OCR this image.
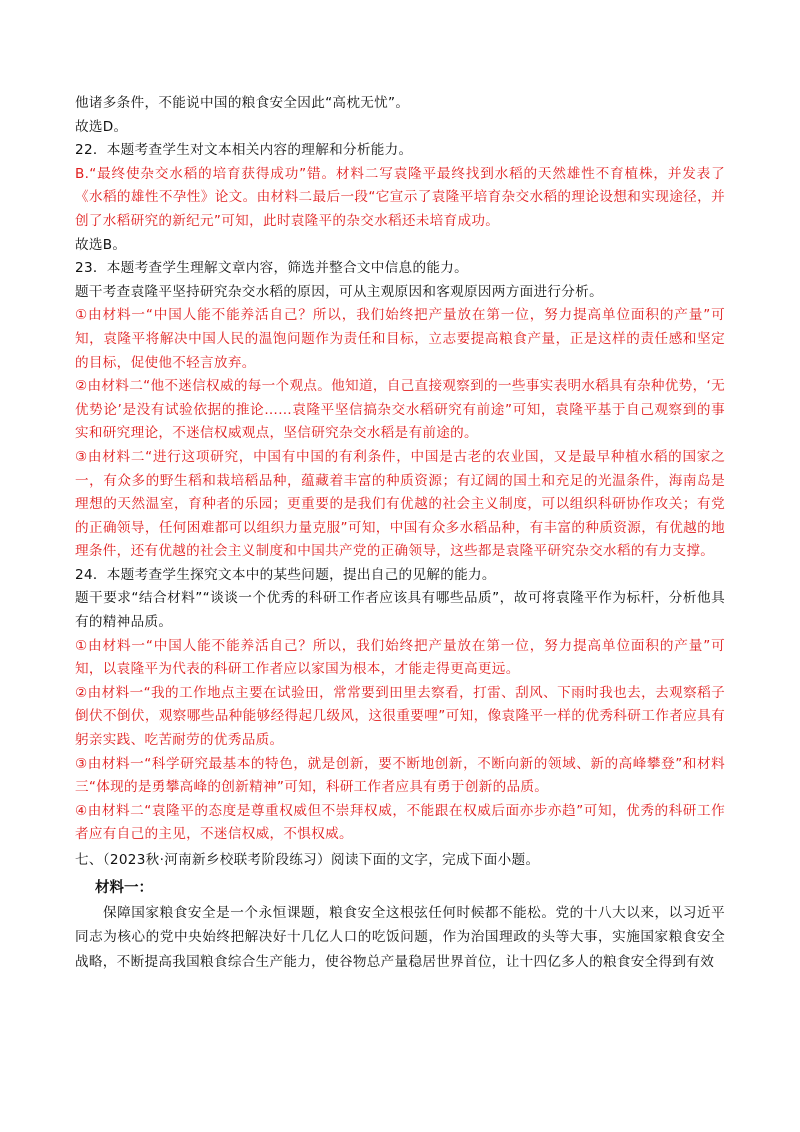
他诸多条件，不能说中国的粮食安全因此“高枕无忧”。

故选D。

22．本题考查学生对文本相关内容的理解和分析能力。

B.“最终使杂交水稻的培育获得成功”错。材料二写袁隆平最终找到水稻的天然雄性不育植株，并发表了《水稻的雄性不孕性》论文。由材料二最后一段“它宣示了袁隆平培育杂交水稻的理论设想和实现途径，并创了水稻研究的新纪元”可知，此时袁隆平的杂交水稻还未培育成功。

故选B。

23．本题考查学生理解文章内容，筛选并整合文中信息的能力。

题干考查袁隆平坚持研究杂交水稻的原因，可从主观原因和客观原因两方面进行分析。

①由材料一“中国人能不能养活自己？所以，我们始终把产量放在第一位，努力提高单位面积的产量”可知，袁隆平将解决中国人民的温饱问题作为责任和目标，立志要提高粮食产量，正是这样的责任感和坚定的目标，促使他不轻言放弃。

②由材料二“他不迷信权威的每一个观点。他知道，自己直接观察到的一些事实表明水稻具有杂种优势，‘无优势论’是没有试验依据的推论……袁隆平坚信搞杂交水稻研究有前途”可知，袁隆平基于自己观察到的事实和研究理论，不迷信权威观点，坚信研究杂交水稻是有前途的。

③由材料二“进行这项研究，中国有中国的有利条件，中国是古老的农业国，又是最早种植水稻的国家之一，有众多的野生稻和栽培稻品种，蕴藏着丰富的种质资源；有辽阔的国土和充足的光温条件，海南岛是理想的天然温室，育种者的乐园；更重要的是我们有优越的社会主义制度，可以组织科研协作攻关；有党的正确领导，任何困难都可以组织力量克服”可知，中国有众多水稻品种，有丰富的种质资源，有优越的地理条件，还有优越的社会主义制度和中国共产党的正确领导，这些都是袁隆平研究杂交水稻的有力支撑。

24．本题考查学生探究文本中的某些问题，提出自己的见解的能力。

题干要求“结合材料”“谈谈一个优秀的科研工作者应该具有哪些品质”，故可将袁隆平作为标杆，分析他具有的精神品质。

①由材料一“中国人能不能养活自己？所以，我们始终把产量放在第一位，努力提高单位面积的产量”可知，以袁隆平为代表的科研工作者应以家国为根本，才能走得更高更远。

②由材料一“我的工作地点主要在试验田，常常要到田里去察看，打雷、刮风、下雨时我也去，去观察稻子倒伏不倒伏，观察哪些品种能够经得起几级风，这很重要哩”可知，像袁隆平一样的优秀科研工作者应具有躬亲实践、吃苦耐劳的优秀品质。

③由材料一“科学研究最基本的特色，就是创新，要不断地创新，不断向新的领域、新的高峰攀登”和材料三“体现的是勇攀高峰的创新精神”可知，科研工作者应具有勇于创新的品质。

④由材料二“袁隆平的态度是尊重权威但不崇拜权威，不能跟在权威后面亦步亦趋”可知，优秀的科研工作者应有自己的主见，不迷信权威，不惧权威。

七、（2023秋·河南新乡校联考阶段练习）阅读下面的文字，完成下面小题。

材料一：

保障国家粮食安全是一个永恒课题，粮食安全这根弦任何时候都不能松。党的十八大以来，以习近平同志为核心的党中央始终把解决好十几亿人口的吃饭问题，作为治国理政的头等大事，实施国家粮食安全战略，不断提高我国粮食综合生产能力，使谷物总产量稳居世界首位，让十四亿多人的粮食安全得到有效
